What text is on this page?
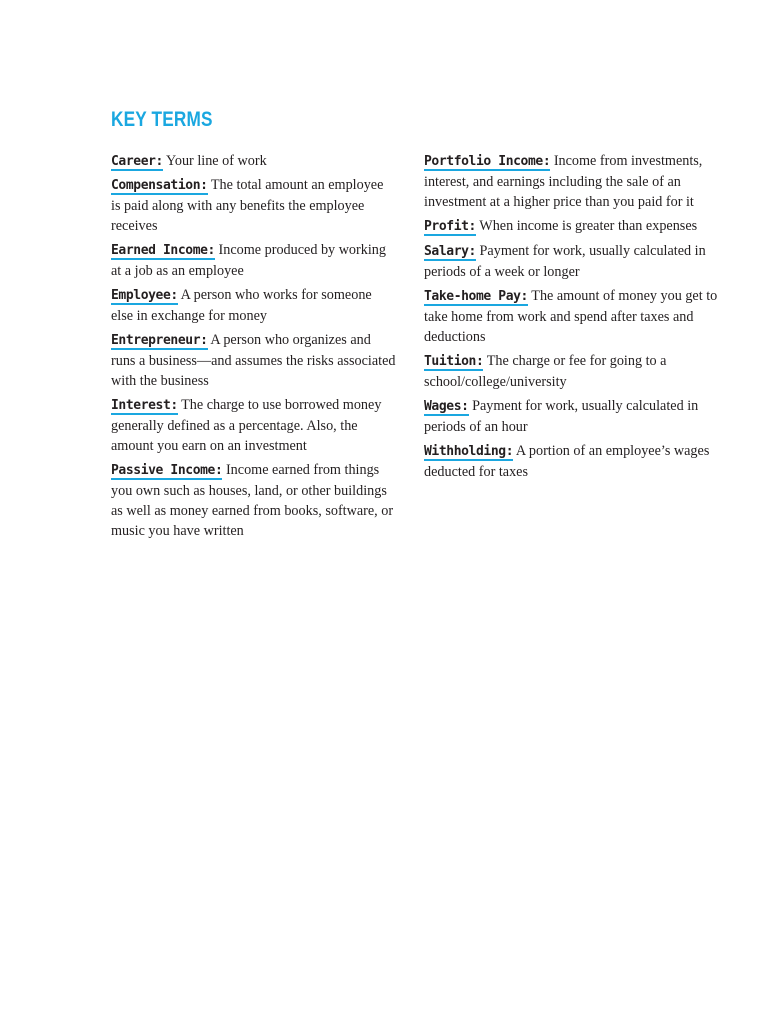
KEY TERMS
Career: Your line of work
Compensation: The total amount an employee is paid along with any benefits the employee receives
Earned Income: Income produced by working at a job as an employee
Employee: A person who works for someone else in exchange for money
Entrepreneur: A person who organizes and runs a business—and assumes the risks associated with the business
Interest: The charge to use borrowed money generally defined as a percentage. Also, the amount you earn on an investment
Passive Income: Income earned from things you own such as houses, land, or other buildings as well as money earned from books, software, or music you have written
Portfolio Income: Income from investments, interest, and earnings including the sale of an investment at a higher price than you paid for it
Profit: When income is greater than expenses
Salary: Payment for work, usually calculated in periods of a week or longer
Take-home Pay: The amount of money you get to take home from work and spend after taxes and deductions
Tuition: The charge or fee for going to a school/college/university
Wages: Payment for work, usually calculated in periods of an hour
Withholding: A portion of an employee’s wages deducted for taxes
